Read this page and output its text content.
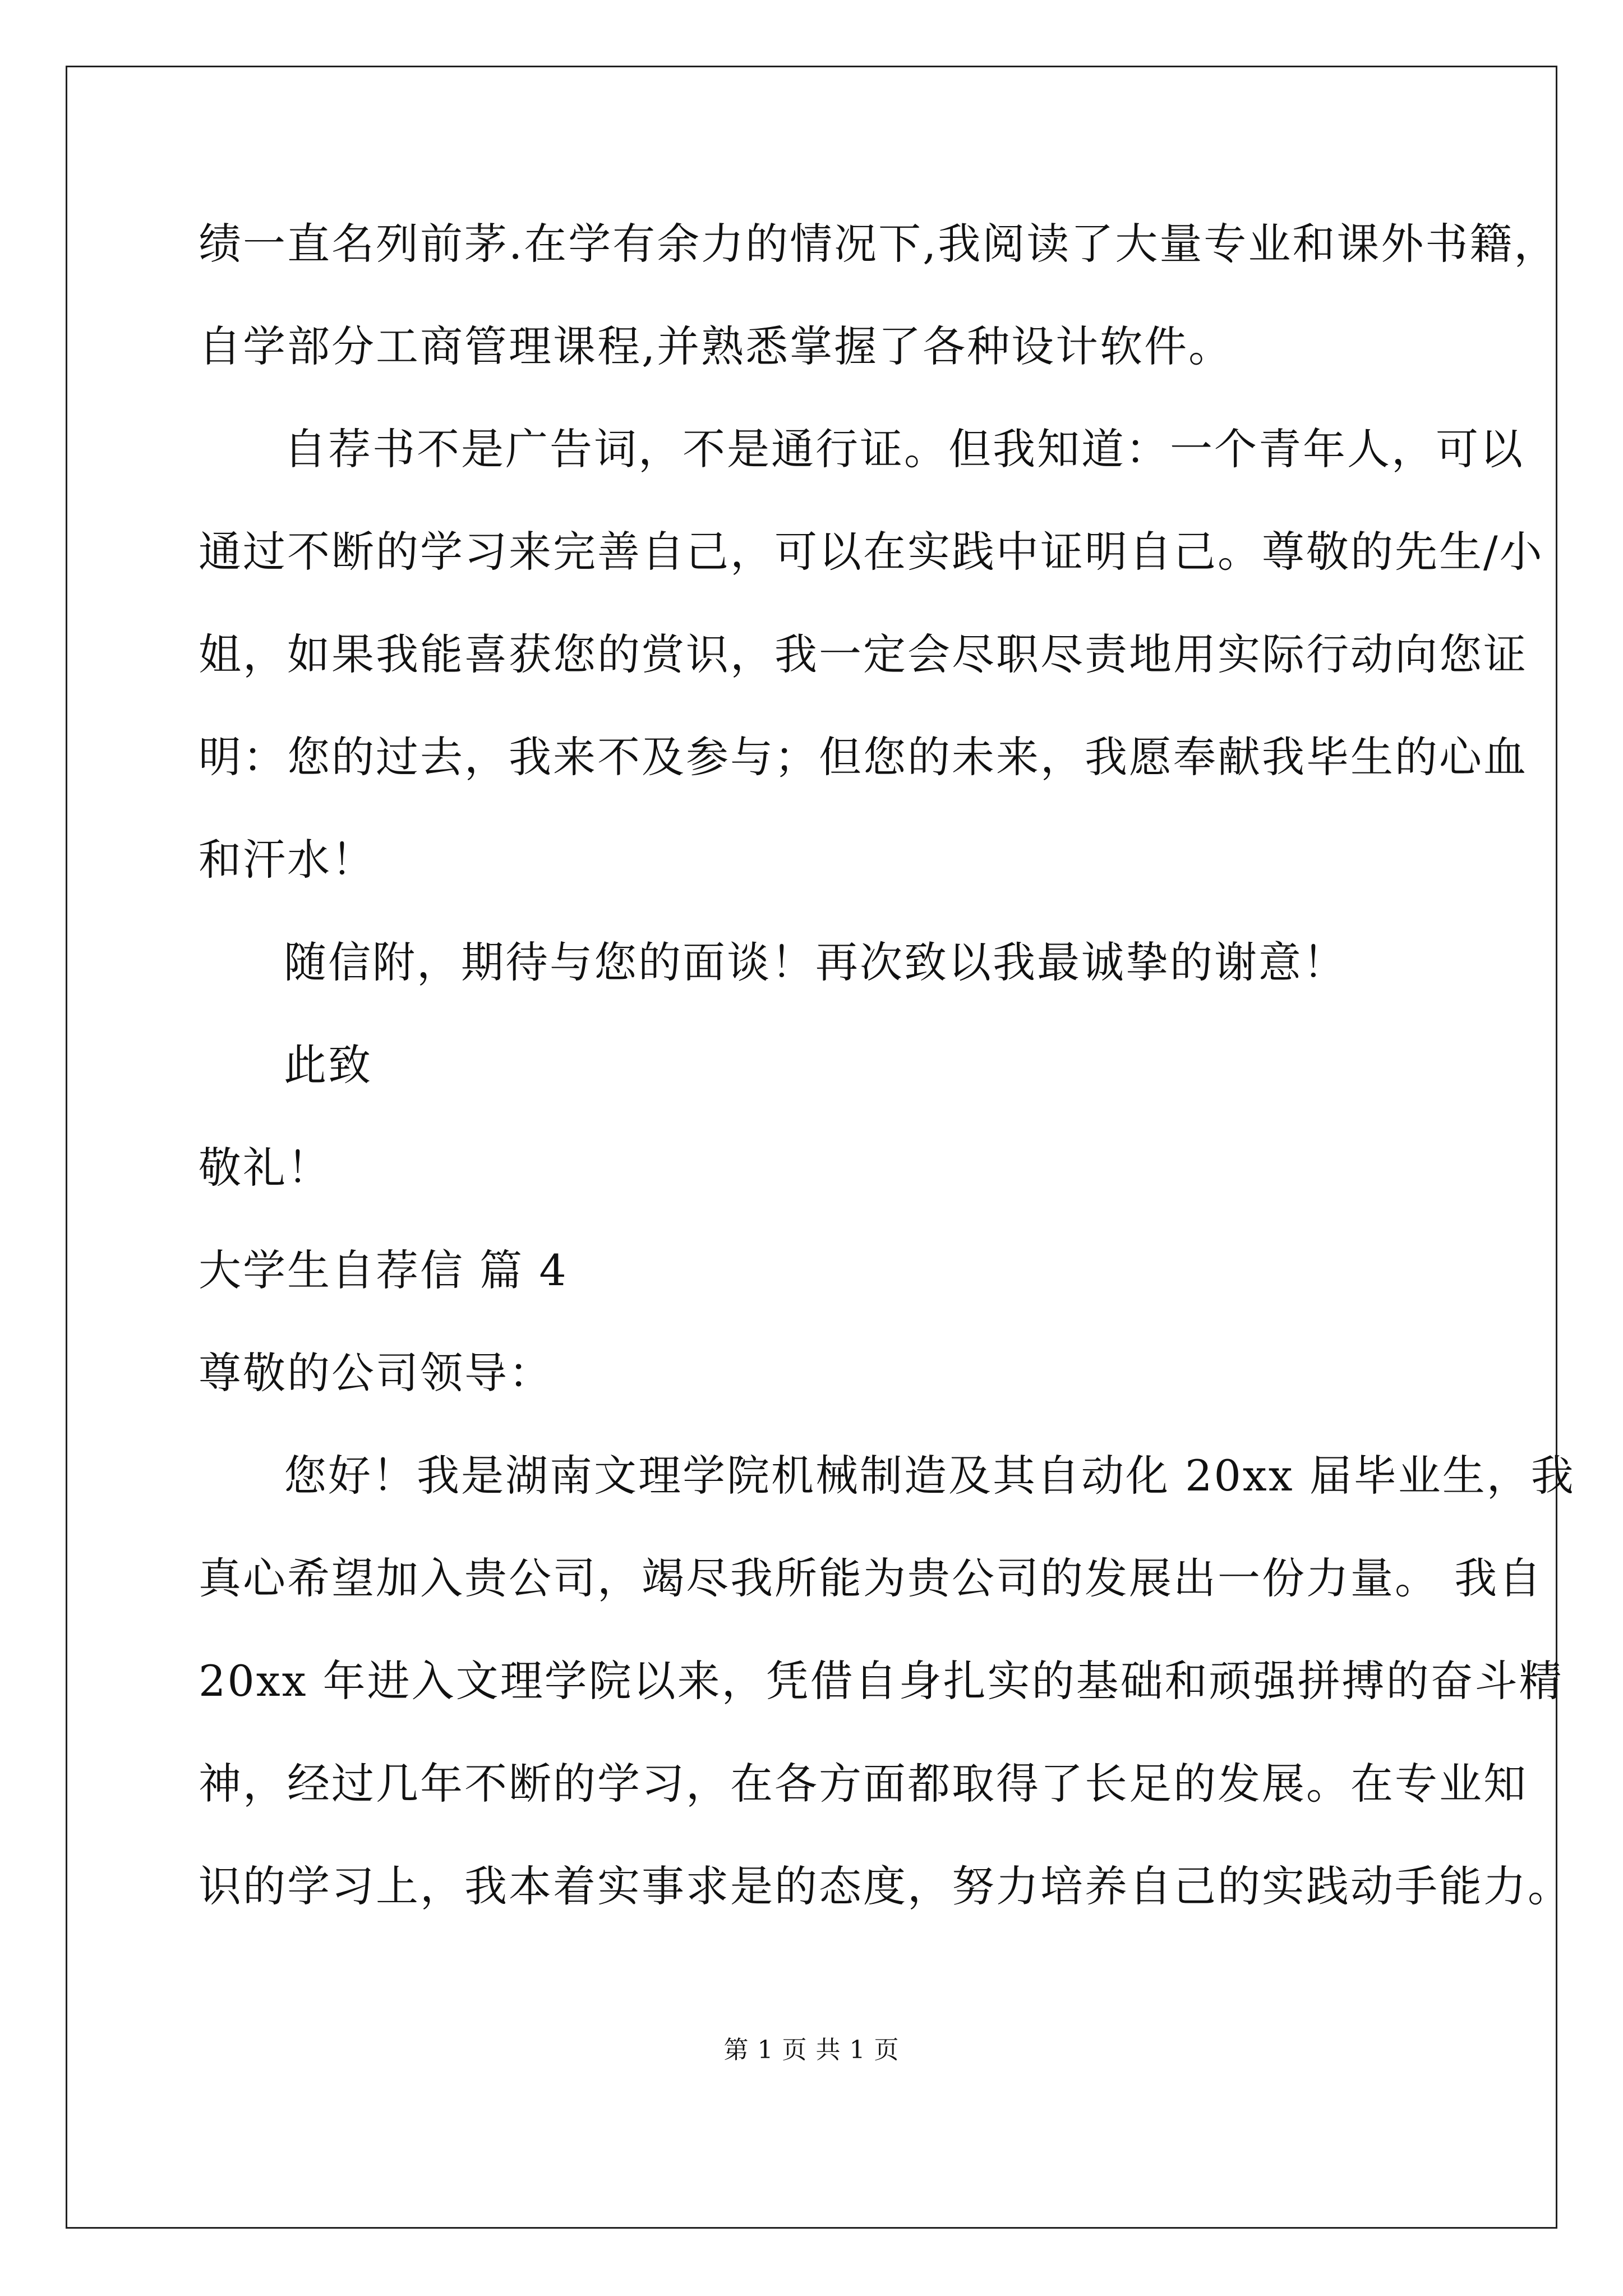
绩一直名列前茅.在学有余力的情况下,我阅读了大量专业和课外书籍，
自学部分工商管理课程,并熟悉掌握了各种设计软件。
自荐书不是广告词，不是通行证。但我知道：一个青年人，可以
通过不断的学习来完善自己，可以在实践中证明自己。尊敬的先生/小
姐，如果我能喜获您的赏识，我一定会尽职尽责地用实际行动向您证
明：您的过去，我来不及参与；但您的未来，我愿奉献我毕生的心血
和汗水！
随信附，期待与您的面谈！再次致以我最诚挚的谢意！
此致
敬礼！
大学生自荐信 篇 4
尊敬的公司领导：
您好！我是湖南文理学院机械制造及其自动化 20xx 届毕业生，我
真心希望加入贵公司，竭尽我所能为贵公司的发展出一份力量。 我自
20xx 年进入文理学院以来，凭借自身扎实的基础和顽强拼搏的奋斗精
神，经过几年不断的学习，在各方面都取得了长足的发展。在专业知
识的学习上，我本着实事求是的态度，努力培养自己的实践动手能力。
第 1 页 共 1 页
